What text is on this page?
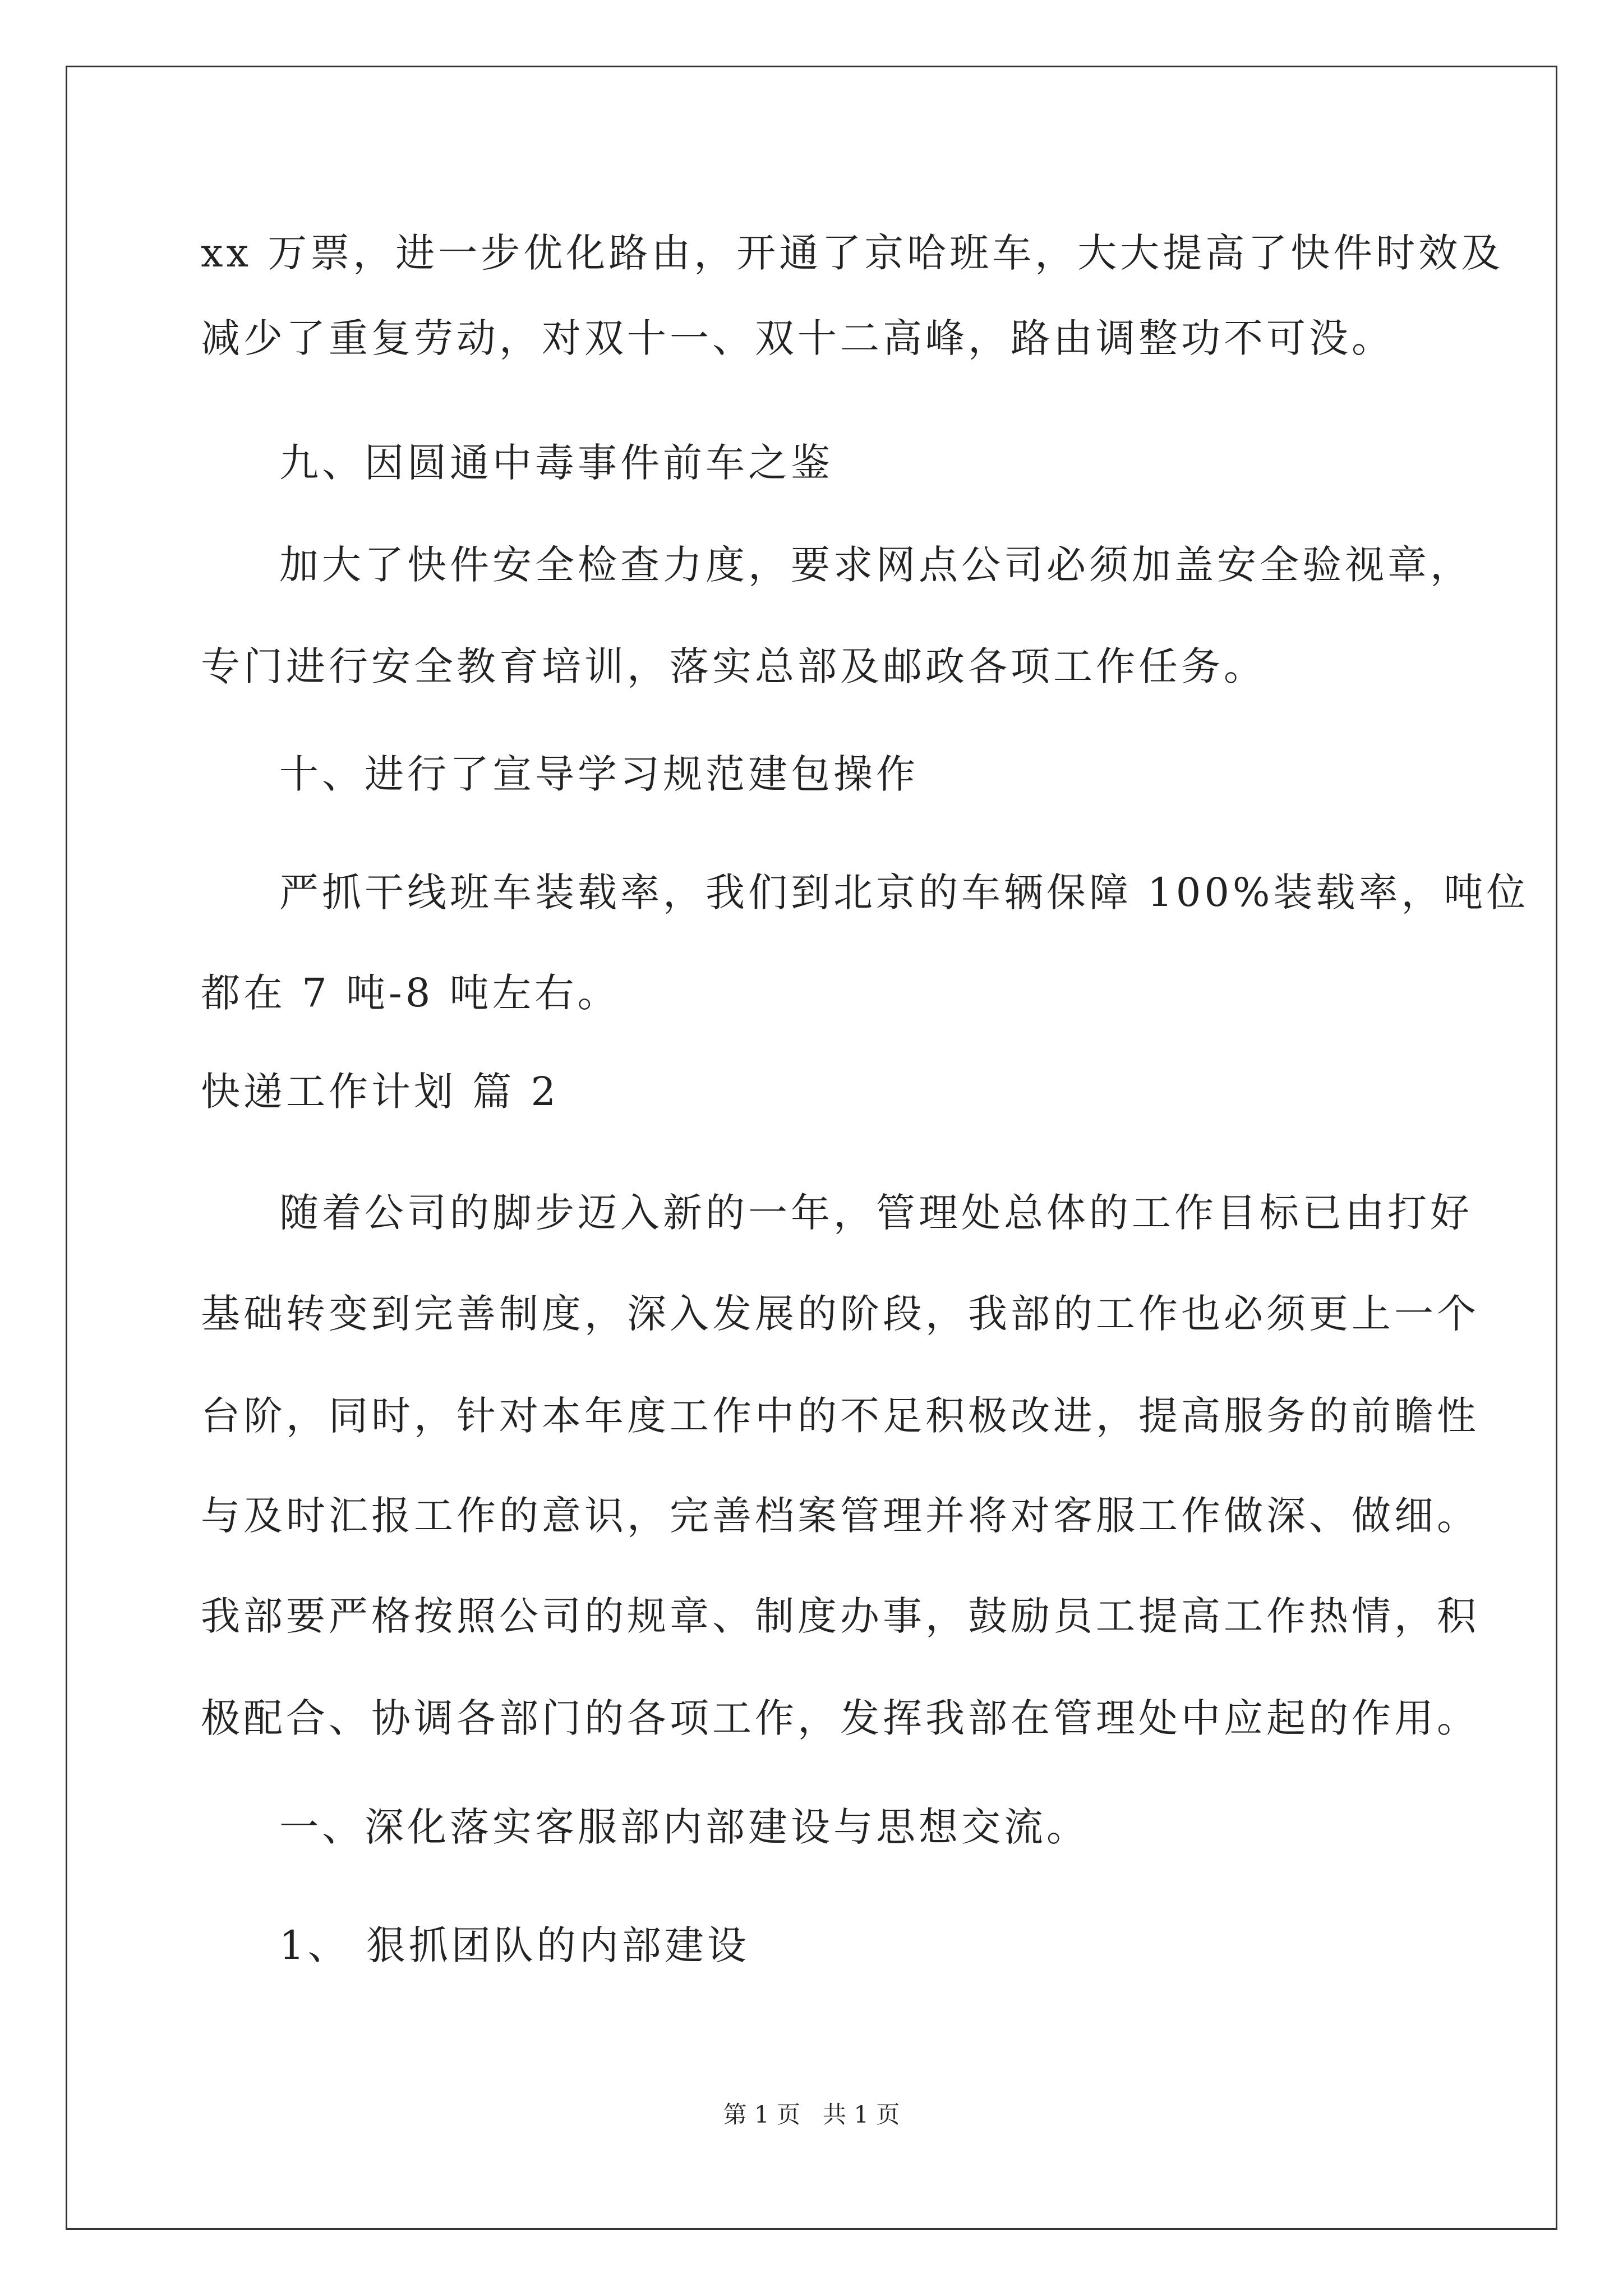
xx 万票，进一步优化路由，开通了京哈班车，大大提高了快件时效及
减少了重复劳动，对双十一、双十二高峰，路由调整功不可没。
九、因圆通中毒事件前车之鉴
加大了快件安全检查力度，要求网点公司必须加盖安全验视章，
专门进行安全教育培训，落实总部及邮政各项工作任务。
十、进行了宣导学习规范建包操作
严抓干线班车装载率，我们到北京的车辆保障 100%装载率，吨位
都在 7 吨-8 吨左右。
快递工作计划 篇 2
随着公司的脚步迈入新的一年，管理处总体的工作目标已由打好
基础转变到完善制度，深入发展的阶段，我部的工作也必须更上一个
台阶，同时，针对本年度工作中的不足积极改进，提高服务的前瞻性
与及时汇报工作的意识，完善档案管理并将对客服工作做深、做细。
我部要严格按照公司的规章、制度办事，鼓励员工提高工作热情，积
极配合、协调各部门的各项工作，发挥我部在管理处中应起的作用。
一、深化落实客服部内部建设与思想交流。
1、 狠抓团队的内部建设
第 1 页 共 1 页
